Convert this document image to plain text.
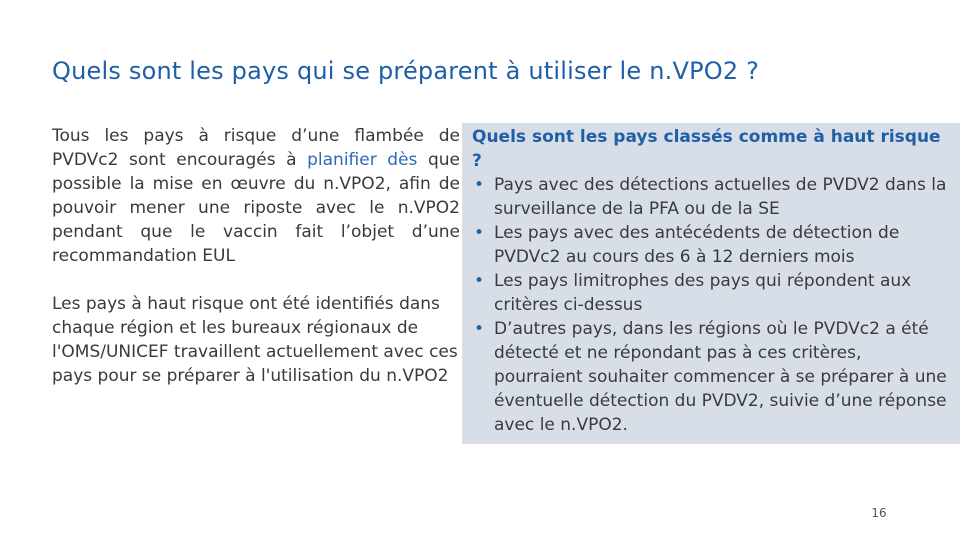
Quels sont les pays qui se préparent à utiliser le n.VPO2 ?

Tous les pays à risque d’une flambée de PVDVc2 sont encouragés à planifier dès que possible la mise en œuvre du n.VPO2, afin de pouvoir mener une riposte avec le n.VPO2 pendant que le vaccin fait l’objet d’une recommandation EUL

Les pays à haut risque ont été identifiés dans chaque région et les bureaux régionaux de l'OMS/UNICEF travaillent actuellement avec ces pays pour se préparer à l'utilisation du n.VPO2

Quels sont les pays classés comme à haut risque ?

• Pays avec des détections actuelles de PVDV2 dans la surveillance de la PFA ou de la SE
• Les pays avec des antécédents de détection de PVDVc2 au cours des 6 à 12 derniers mois
• Les pays limitrophes des pays qui répondent aux critères ci-dessus
• D’autres pays, dans les régions où le PVDVc2 a été détecté et ne répondant pas à ces critères, pourraient souhaiter commencer à se préparer à une éventuelle détection du PVDV2, suivie d’une réponse avec le n.VPO2.
16
